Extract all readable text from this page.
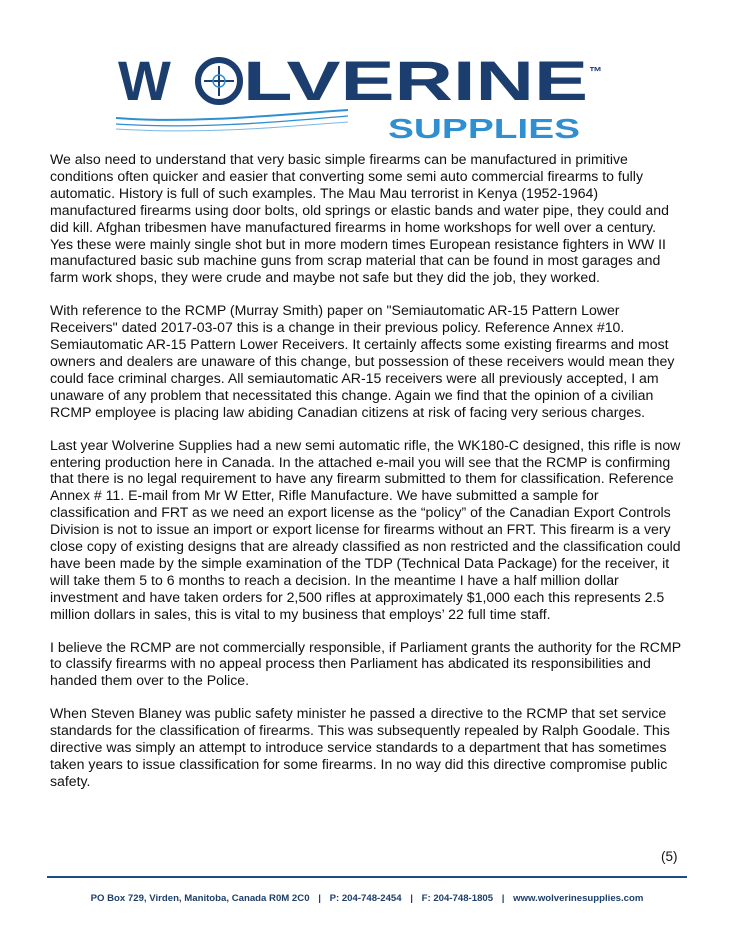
W LVERINE ™
SUPPLIES

We also need to understand that very basic simple firearms can be manufactured in primitive conditions often quicker and easier that converting some semi auto commercial firearms to fully automatic. History is full of such examples. The Mau Mau terrorist in Kenya (1952-1964) manufactured firearms using door bolts, old springs or elastic bands and water pipe, they could and did kill. Afghan tribesmen have manufactured firearms in home workshops for well over a century. Yes these were mainly single shot but in more modern times European resistance fighters in WW II manufactured basic sub machine guns from scrap material that can be found in most garages and farm work shops, they were crude and maybe not safe but they did the job, they worked.

With reference to the RCMP (Murray Smith) paper on "Semiautomatic AR-15 Pattern Lower Receivers" dated 2017-03-07 this is a change in their previous policy. Reference Annex #10. Semiautomatic AR-15 Pattern Lower Receivers. It certainly affects some existing firearms and most owners and dealers are unaware of this change, but possession of these receivers would mean they could face criminal charges. All semiautomatic AR-15 receivers were all previously accepted, I am unaware of any problem that necessitated this change. Again we find that the opinion of a civilian RCMP employee is placing law abiding Canadian citizens at risk of facing very serious charges.

Last year Wolverine Supplies had a new semi automatic rifle, the WK180-C designed, this rifle is now entering production here in Canada. In the attached e-mail you will see that the RCMP is confirming that there is no legal requirement to have any firearm submitted to them for classification. Reference Annex # 11. E-mail from Mr W Etter, Rifle Manufacture. We have submitted a sample for classification and FRT as we need an export license as the “policy” of the Canadian Export Controls Division is not to issue an import or export license for firearms without an FRT. This firearm is a very close copy of existing designs that are already classified as non restricted and the classification could have been made by the simple examination of the TDP (Technical Data Package) for the receiver, it will take them 5 to 6 months to reach a decision. In the meantime I have a half million dollar investment and have taken orders for 2,500 rifles at approximately $1,000 each this represents 2.5 million dollars in sales, this is vital to my business that employs’ 22 full time staff.

I believe the RCMP are not commercially responsible, if Parliament grants the authority for the RCMP to classify firearms with no appeal process then Parliament has abdicated its responsibilities and handed them over to the Police.

When Steven Blaney was public safety minister he passed a directive to the RCMP that set service standards for the classification of firearms. This was subsequently repealed by Ralph Goodale. This directive was simply an attempt to introduce service standards to a department that has sometimes taken years to issue classification for some firearms. In no way did this directive compromise public safety.

(5)
PO Box 729, Virden, Manitoba, Canada R0M 2C0 | P: 204-748-2454 | F: 204-748-1805 | www.wolverinesupplies.com
